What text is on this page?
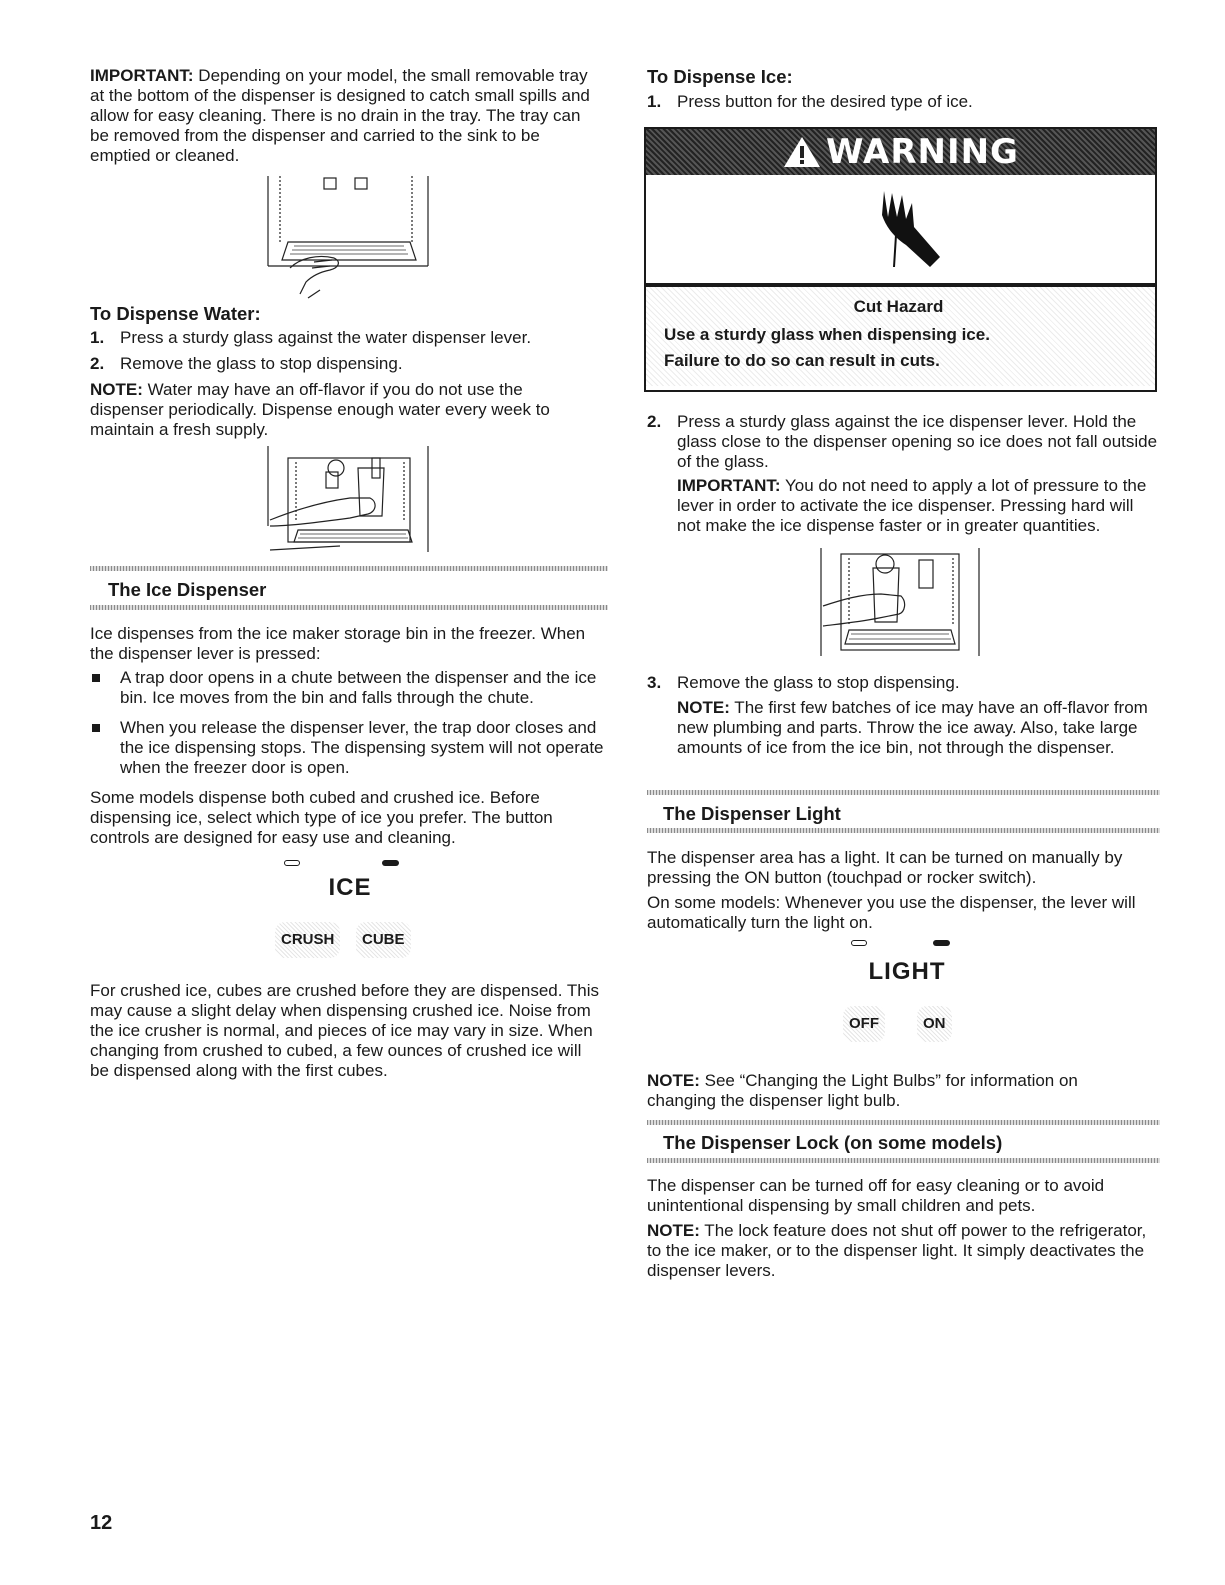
IMPORTANT: Depending on your model, the small removable tray at the bottom of the dispenser is designed to catch small spills and allow for easy cleaning. There is no drain in the tray. The tray can be removed from the dispenser and carried to the sink to be emptied or cleaned.

To Dispense Water:
1. Press a sturdy glass against the water dispenser lever.
2. Remove the glass to stop dispensing.

NOTE: Water may have an off-flavor if you do not use the dispenser periodically. Dispense enough water every week to maintain a fresh supply.

The Ice Dispenser

Ice dispenses from the ice maker storage bin in the freezer. When the dispenser lever is pressed:

A trap door opens in a chute between the dispenser and the ice bin. Ice moves from the bin and falls through the chute.
When you release the dispenser lever, the trap door closes and the ice dispensing stops. The dispensing system will not operate when the freezer door is open.

Some models dispense both cubed and crushed ice. Before dispensing ice, select which type of ice you prefer. The button controls are designed for easy use and cleaning.

ICE
CRUSH	CUBE

For crushed ice, cubes are crushed before they are dispensed. This may cause a slight delay when dispensing crushed ice. Noise from the ice crusher is normal, and pieces of ice may vary in size. When changing from crushed to cubed, a few ounces of crushed ice will be dispensed along with the first cubes.

12
To Dispense Ice:
1. Press button for the desired type of ice.
WARNING
Cut Hazard
Use a sturdy glass when dispensing ice.
Failure to do so can result in cuts.
2. Press a sturdy glass against the ice dispenser lever. Hold the glass close to the dispenser opening so ice does not fall outside of the glass.

IMPORTANT: You do not need to apply a lot of pressure to the lever in order to activate the ice dispenser. Pressing hard will not make the ice dispense faster or in greater quantities.

3. Remove the glass to stop dispensing.

NOTE: The first few batches of ice may have an off-flavor from new plumbing and parts. Throw the ice away. Also, take large amounts of ice from the ice bin, not through the dispenser.

The Dispenser Light

The dispenser area has a light. It can be turned on manually by pressing the ON button (touchpad or rocker switch).

On some models: Whenever you use the dispenser, the lever will automatically turn the light on.

LIGHT
OFF	ON

NOTE: See “Changing the Light Bulbs” for information on changing the dispenser light bulb.

The Dispenser Lock (on some models)

The dispenser can be turned off for easy cleaning or to avoid unintentional dispensing by small children and pets.

NOTE: The lock feature does not shut off power to the refrigerator, to the ice maker, or to the dispenser light. It simply deactivates the dispenser levers.
